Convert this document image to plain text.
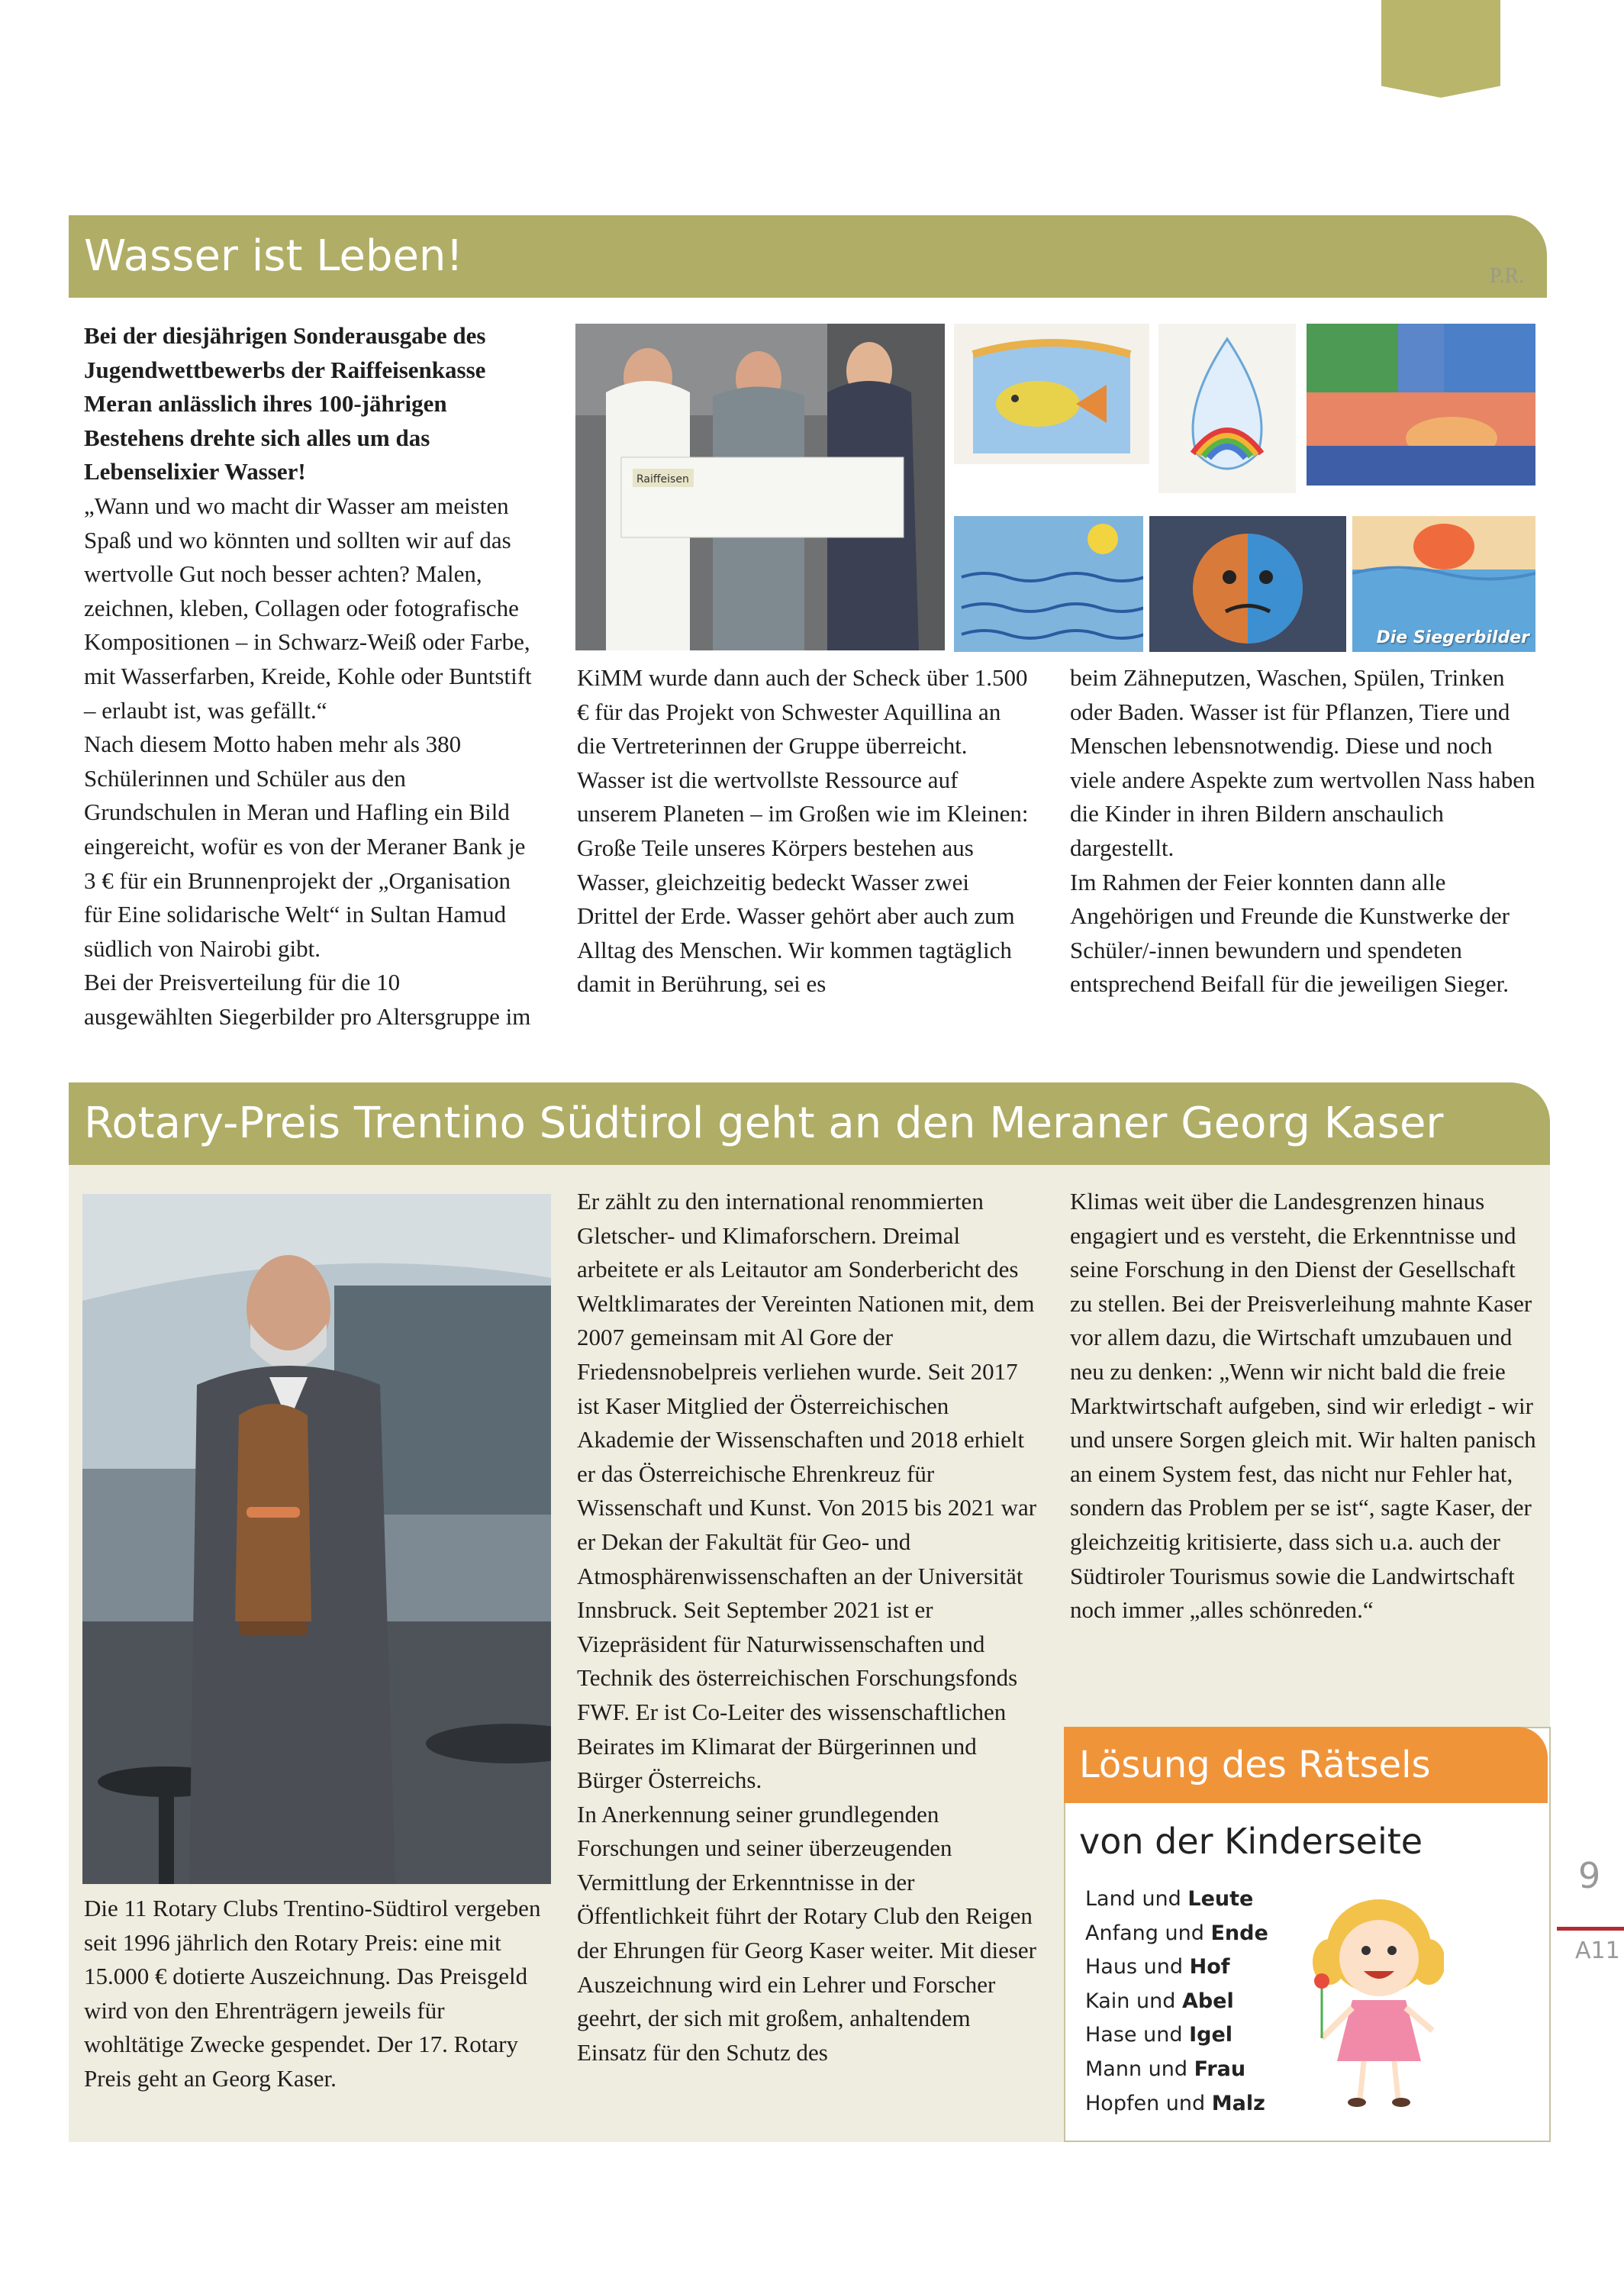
Wasser ist Leben!	P.R.

Bei der diesjährigen Sonderausgabe des Jugendwettbewerbs der Raiffeisenkasse Meran anlässlich ihres 100-jährigen Bestehens drehte sich alles um das Lebenselixier Wasser!

„Wann und wo macht dir Wasser am meisten Spaß und wo könnten und sollten wir auf das wertvolle Gut noch besser achten? Malen, zeichnen, kleben, Collagen oder fotografische Kompositionen – in Schwarz-Weiß oder Farbe, mit Wasserfarben, Kreide, Kohle oder Buntstift – erlaubt ist, was gefällt.“

Nach diesem Motto haben mehr als 380 Schülerinnen und Schüler aus den Grundschulen in Meran und Hafling ein Bild eingereicht, wofür es von der Meraner Bank je 3 € für ein Brunnenprojekt der „Organisation für Eine solidarische Welt“ in Sultan Hamud südlich von Nairobi gibt.

Bei der Preisverteilung für die 10 ausgewählten Siegerbilder pro Altersgruppe im

Raiffeisen
Die Siegerbilder

KiMM wurde dann auch der Scheck über 1.500 € für das Projekt von Schwester Aquillina an die Vertreterinnen der Gruppe überreicht.

Wasser ist die wertvollste Ressource auf unserem Planeten – im Großen wie im Kleinen: Große Teile unseres Körpers bestehen aus Wasser, gleichzeitig bedeckt Wasser zwei Drittel der Erde. Wasser gehört aber auch zum Alltag des Menschen. Wir kommen tagtäglich damit in Berührung, sei es

beim Zähneputzen, Waschen, Spülen, Trinken oder Baden. Wasser ist für Pflanzen, Tiere und Menschen lebensnotwendig. Diese und noch viele andere Aspekte zum wertvollen Nass haben die Kinder in ihren Bildern anschaulich dargestellt.

Im Rahmen der Feier konnten dann alle Angehörigen und Freunde die Kunstwerke der Schüler/-innen bewundern und spendeten entsprechend Beifall für die jeweiligen Sieger.

Rotary-Preis Trentino Südtirol geht an den Meraner Georg Kaser

Die 11 Rotary Clubs Trentino-Südtirol vergeben seit 1996 jährlich den Rotary Preis: eine mit 15.000 € dotierte Auszeichnung. Das Preisgeld wird von den Ehrenträgern jeweils für wohltätige Zwecke gespendet. Der 17. Rotary Preis geht an Georg Kaser.

Er zählt zu den international renommierten Gletscher- und Klimaforschern. Dreimal arbeitete er als Leitautor am Sonderbericht des Weltklimarates der Vereinten Nationen mit, dem 2007 gemeinsam mit Al Gore der Friedensnobelpreis verliehen wurde. Seit 2017 ist Kaser Mitglied der Österreichischen Akademie der Wissenschaften und 2018 erhielt er das Österreichische Ehrenkreuz für Wissenschaft und Kunst. Von 2015 bis 2021 war er Dekan der Fakultät für Geo- und Atmosphärenwissenschaften an der Universität Innsbruck. Seit September 2021 ist er Vizepräsident für Naturwissenschaften und Technik des österreichischen Forschungsfonds FWF. Er ist Co-Leiter des wissenschaftlichen Beirates im Klimarat der Bürgerinnen und Bürger Österreichs.

In Anerkennung seiner grundlegenden Forschungen und seiner überzeugenden Vermittlung der Erkenntnisse in der Öffentlichkeit führt der Rotary Club den Reigen der Ehrungen für Georg Kaser weiter. Mit dieser Auszeichnung wird ein Lehrer und Forscher geehrt, der sich mit großem, anhaltendem Einsatz für den Schutz des

Klimas weit über die Landesgrenzen hinaus engagiert und es versteht, die Erkenntnisse und seine Forschung in den Dienst der Gesellschaft zu stellen. Bei der Preisverleihung mahnte Kaser vor allem dazu, die Wirtschaft umzubauen und neu zu denken: „Wenn wir nicht bald die freie Marktwirtschaft aufgeben, sind wir erledigt - wir und unsere Sorgen gleich mit. Wir halten panisch an einem System fest, das nicht nur Fehler hat, sondern das Problem per se ist“, sagte Kaser, der gleichzeitig kritisierte, dass sich u.a. auch der Südtiroler Tourismus sowie die Landwirtschaft noch immer „alles schönreden.“

Lösung des Rätsels
von der Kinderseite
Land und Leute
Anfang und Ende
Haus und Hof
Kain und Abel
Hase und Igel
Mann und Frau
Hopfen und Malz
9
A11
